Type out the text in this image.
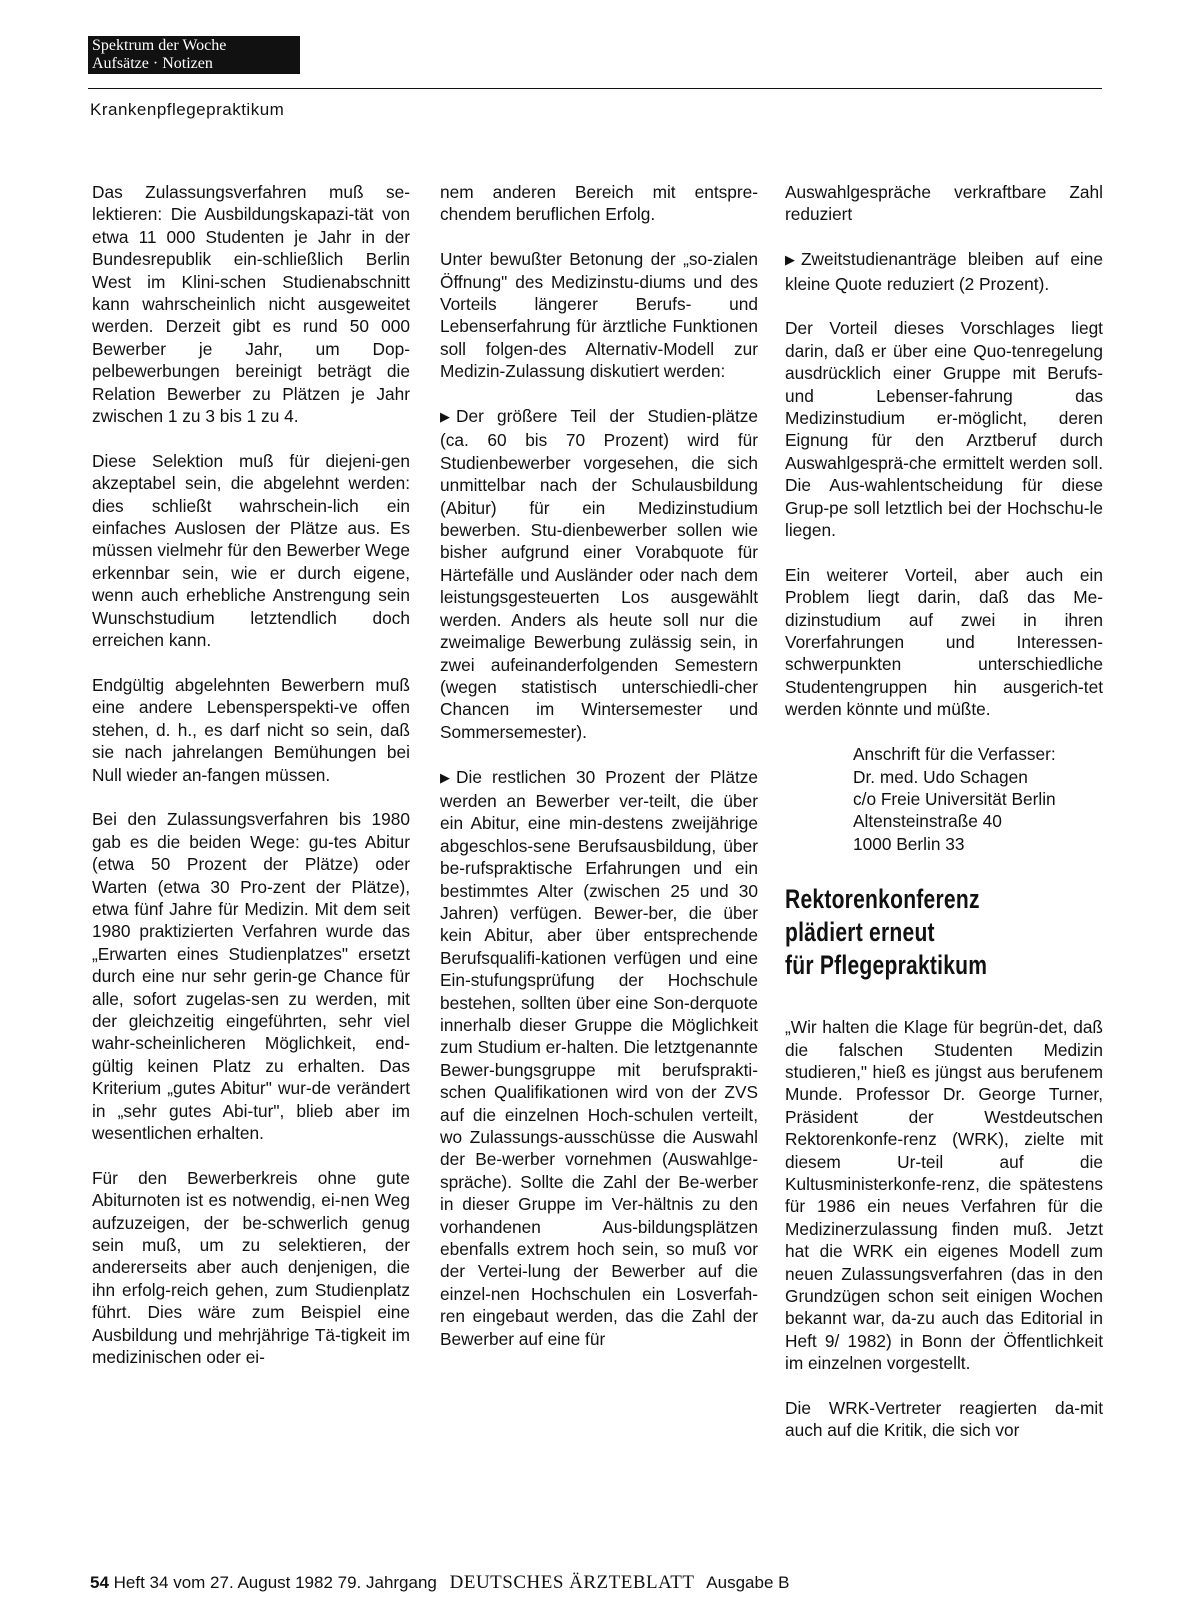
Spektrum der Woche
Aufsätze · Notizen
Krankenpflegepraktikum

Das Zulassungsverfahren muß se-lektieren: Die Ausbildungskapazi-tät von etwa 11 000 Studenten je Jahr in der Bundesrepublik ein-schließlich Berlin West im Klini-schen Studienabschnitt kann wahrscheinlich nicht ausgeweitet werden. Derzeit gibt es rund 50 000 Bewerber je Jahr, um Dop-pelbewerbungen bereinigt beträgt die Relation Bewerber zu Plätzen je Jahr zwischen 1 zu 3 bis 1 zu 4.

Diese Selektion muß für diejeni-gen akzeptabel sein, die abgelehnt werden: dies schließt wahrschein-lich ein einfaches Auslosen der Plätze aus. Es müssen vielmehr für den Bewerber Wege erkennbar sein, wie er durch eigene, wenn auch erhebliche Anstrengung sein Wunschstudium letztendlich doch erreichen kann.

Endgültig abgelehnten Bewerbern muß eine andere Lebensperspekti-ve offen stehen, d. h., es darf nicht so sein, daß sie nach jahrelangen Bemühungen bei Null wieder an-fangen müssen.

Bei den Zulassungsverfahren bis 1980 gab es die beiden Wege: gu-tes Abitur (etwa 50 Prozent der Plätze) oder Warten (etwa 30 Pro-zent der Plätze), etwa fünf Jahre für Medizin. Mit dem seit 1980 praktizierten Verfahren wurde das „Erwarten eines Studienplatzes" ersetzt durch eine nur sehr gerin-ge Chance für alle, sofort zugelas-sen zu werden, mit der gleichzeitig eingeführten, sehr viel wahr-scheinlicheren Möglichkeit, end-gültig keinen Platz zu erhalten. Das Kriterium „gutes Abitur" wur-de verändert in „sehr gutes Abi-tur", blieb aber im wesentlichen erhalten.

Für den Bewerberkreis ohne gute Abiturnoten ist es notwendig, ei-nen Weg aufzuzeigen, der be-schwerlich genug sein muß, um zu selektieren, der andererseits aber auch denjenigen, die ihn erfolg-reich gehen, zum Studienplatz führt. Dies wäre zum Beispiel eine Ausbildung und mehrjährige Tä-tigkeit im medizinischen oder ei-

nem anderen Bereich mit entspre-chendem beruflichen Erfolg.

Unter bewußter Betonung der „so-zialen Öffnung" des Medizinstu-diums und des Vorteils längerer Berufs- und Lebenserfahrung für ärztliche Funktionen soll folgen-des Alternativ-Modell zur Medizin-Zulassung diskutiert werden:

▶ Der größere Teil der Studien-plätze (ca. 60 bis 70 Prozent) wird für Studienbewerber vorgesehen, die sich unmittelbar nach der Schulausbildung (Abitur) für ein Medizinstudium bewerben. Stu-dienbewerber sollen wie bisher aufgrund einer Vorabquote für Härtefälle und Ausländer oder nach dem leistungsgesteuerten Los ausgewählt werden. Anders als heute soll nur die zweimalige Bewerbung zulässig sein, in zwei aufeinanderfolgenden Semestern (wegen statistisch unterschiedli-cher Chancen im Wintersemester und Sommersemester).

▶ Die restlichen 30 Prozent der Plätze werden an Bewerber ver-teilt, die über ein Abitur, eine min-destens zweijährige abgeschlos-sene Berufsausbildung, über be-rufspraktische Erfahrungen und ein bestimmtes Alter (zwischen 25 und 30 Jahren) verfügen. Bewer-ber, die über kein Abitur, aber über entsprechende Berufsqualifi-kationen verfügen und eine Ein-stufungsprüfung der Hochschule bestehen, sollten über eine Son-derquote innerhalb dieser Gruppe die Möglichkeit zum Studium er-halten. Die letztgenannte Bewer-bungsgruppe mit berufsprakti-schen Qualifikationen wird von der ZVS auf die einzelnen Hoch-schulen verteilt, wo Zulassungs-ausschüsse die Auswahl der Be-werber vornehmen (Auswahlge-spräche). Sollte die Zahl der Be-werber in dieser Gruppe im Ver-hältnis zu den vorhandenen Aus-bildungsplätzen ebenfalls extrem hoch sein, so muß vor der Vertei-lung der Bewerber auf die einzel-nen Hochschulen ein Losverfah-ren eingebaut werden, das die Zahl der Bewerber auf eine für

Auswahlgespräche verkraftbare Zahl reduziert

▶ Zweitstudienanträge bleiben auf eine kleine Quote reduziert (2 Prozent).

Der Vorteil dieses Vorschlages liegt darin, daß er über eine Quo-tenregelung ausdrücklich einer Gruppe mit Berufs- und Lebenser-fahrung das Medizinstudium er-möglicht, deren Eignung für den Arztberuf durch Auswahlgesprä-che ermittelt werden soll. Die Aus-wahlentscheidung für diese Grup-pe soll letztlich bei der Hochschu-le liegen.

Ein weiterer Vorteil, aber auch ein Problem liegt darin, daß das Me-dizinstudium auf zwei in ihren Vorerfahrungen und Interessen-schwerpunkten unterschiedliche Studentengruppen hin ausgerich-tet werden könnte und müßte.

Anschrift für die Verfasser:
Dr. med. Udo Schagen
c/o Freie Universität Berlin
Altensteinstraße 40
1000 Berlin 33
Rektorenkonferenz
plädiert erneut
für Pflegepraktikum

„Wir halten die Klage für begrün-det, daß die falschen Studenten Medizin studieren," hieß es jüngst aus berufenem Munde. Professor Dr. George Turner, Präsident der Westdeutschen Rektorenkonfe-renz (WRK), zielte mit diesem Ur-teil auf die Kultusministerkonfe-renz, die spätestens für 1986 ein neues Verfahren für die Medizinerzulassung finden muß. Jetzt hat die WRK ein eigenes Modell zum neuen Zulassungsverfahren (das in den Grundzügen schon seit einigen Wochen bekannt war, da-zu auch das Editorial in Heft 9/ 1982) in Bonn der Öffentlichkeit im einzelnen vorgestellt.

Die WRK-Vertreter reagierten da-mit auch auf die Kritik, die sich vor

54 Heft 34 vom 27. August 1982 79. Jahrgang DEUTSCHES ÄRZTEBLATT Ausgabe B
